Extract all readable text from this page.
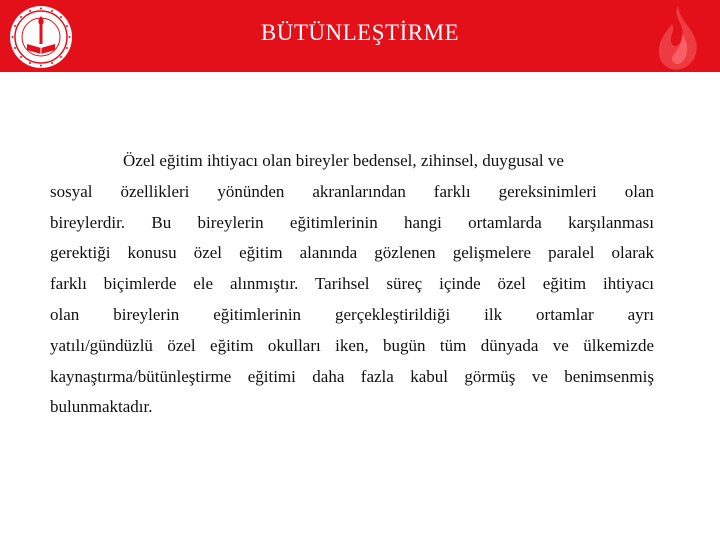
BÜTÜNLEŞTİRME
Özel eğitim ihtiyacı olan bireyler bedensel, zihinsel, duygusal ve
sosyal özellikleri yönünden akranlarından farklı gereksinimleri olan
bireylerdir. Bu bireylerin eğitimlerinin hangi ortamlarda karşılanması
gerektiği konusu özel eğitim alanında gözlenen gelişmelere paralel olarak
farklı biçimlerde ele alınmıştır. Tarihsel süreç içinde özel eğitim ihtiyacı
olan bireylerin eğitimlerinin gerçekleştirildiği ilk ortamlar ayrı
yatılı/gündüzlü özel eğitim okulları iken, bugün tüm dünyada ve ülkemizde
kaynaştırma/bütünleştirme eğitimi daha fazla kabul görmüş ve benimsenmiş
bulunmaktadır.
